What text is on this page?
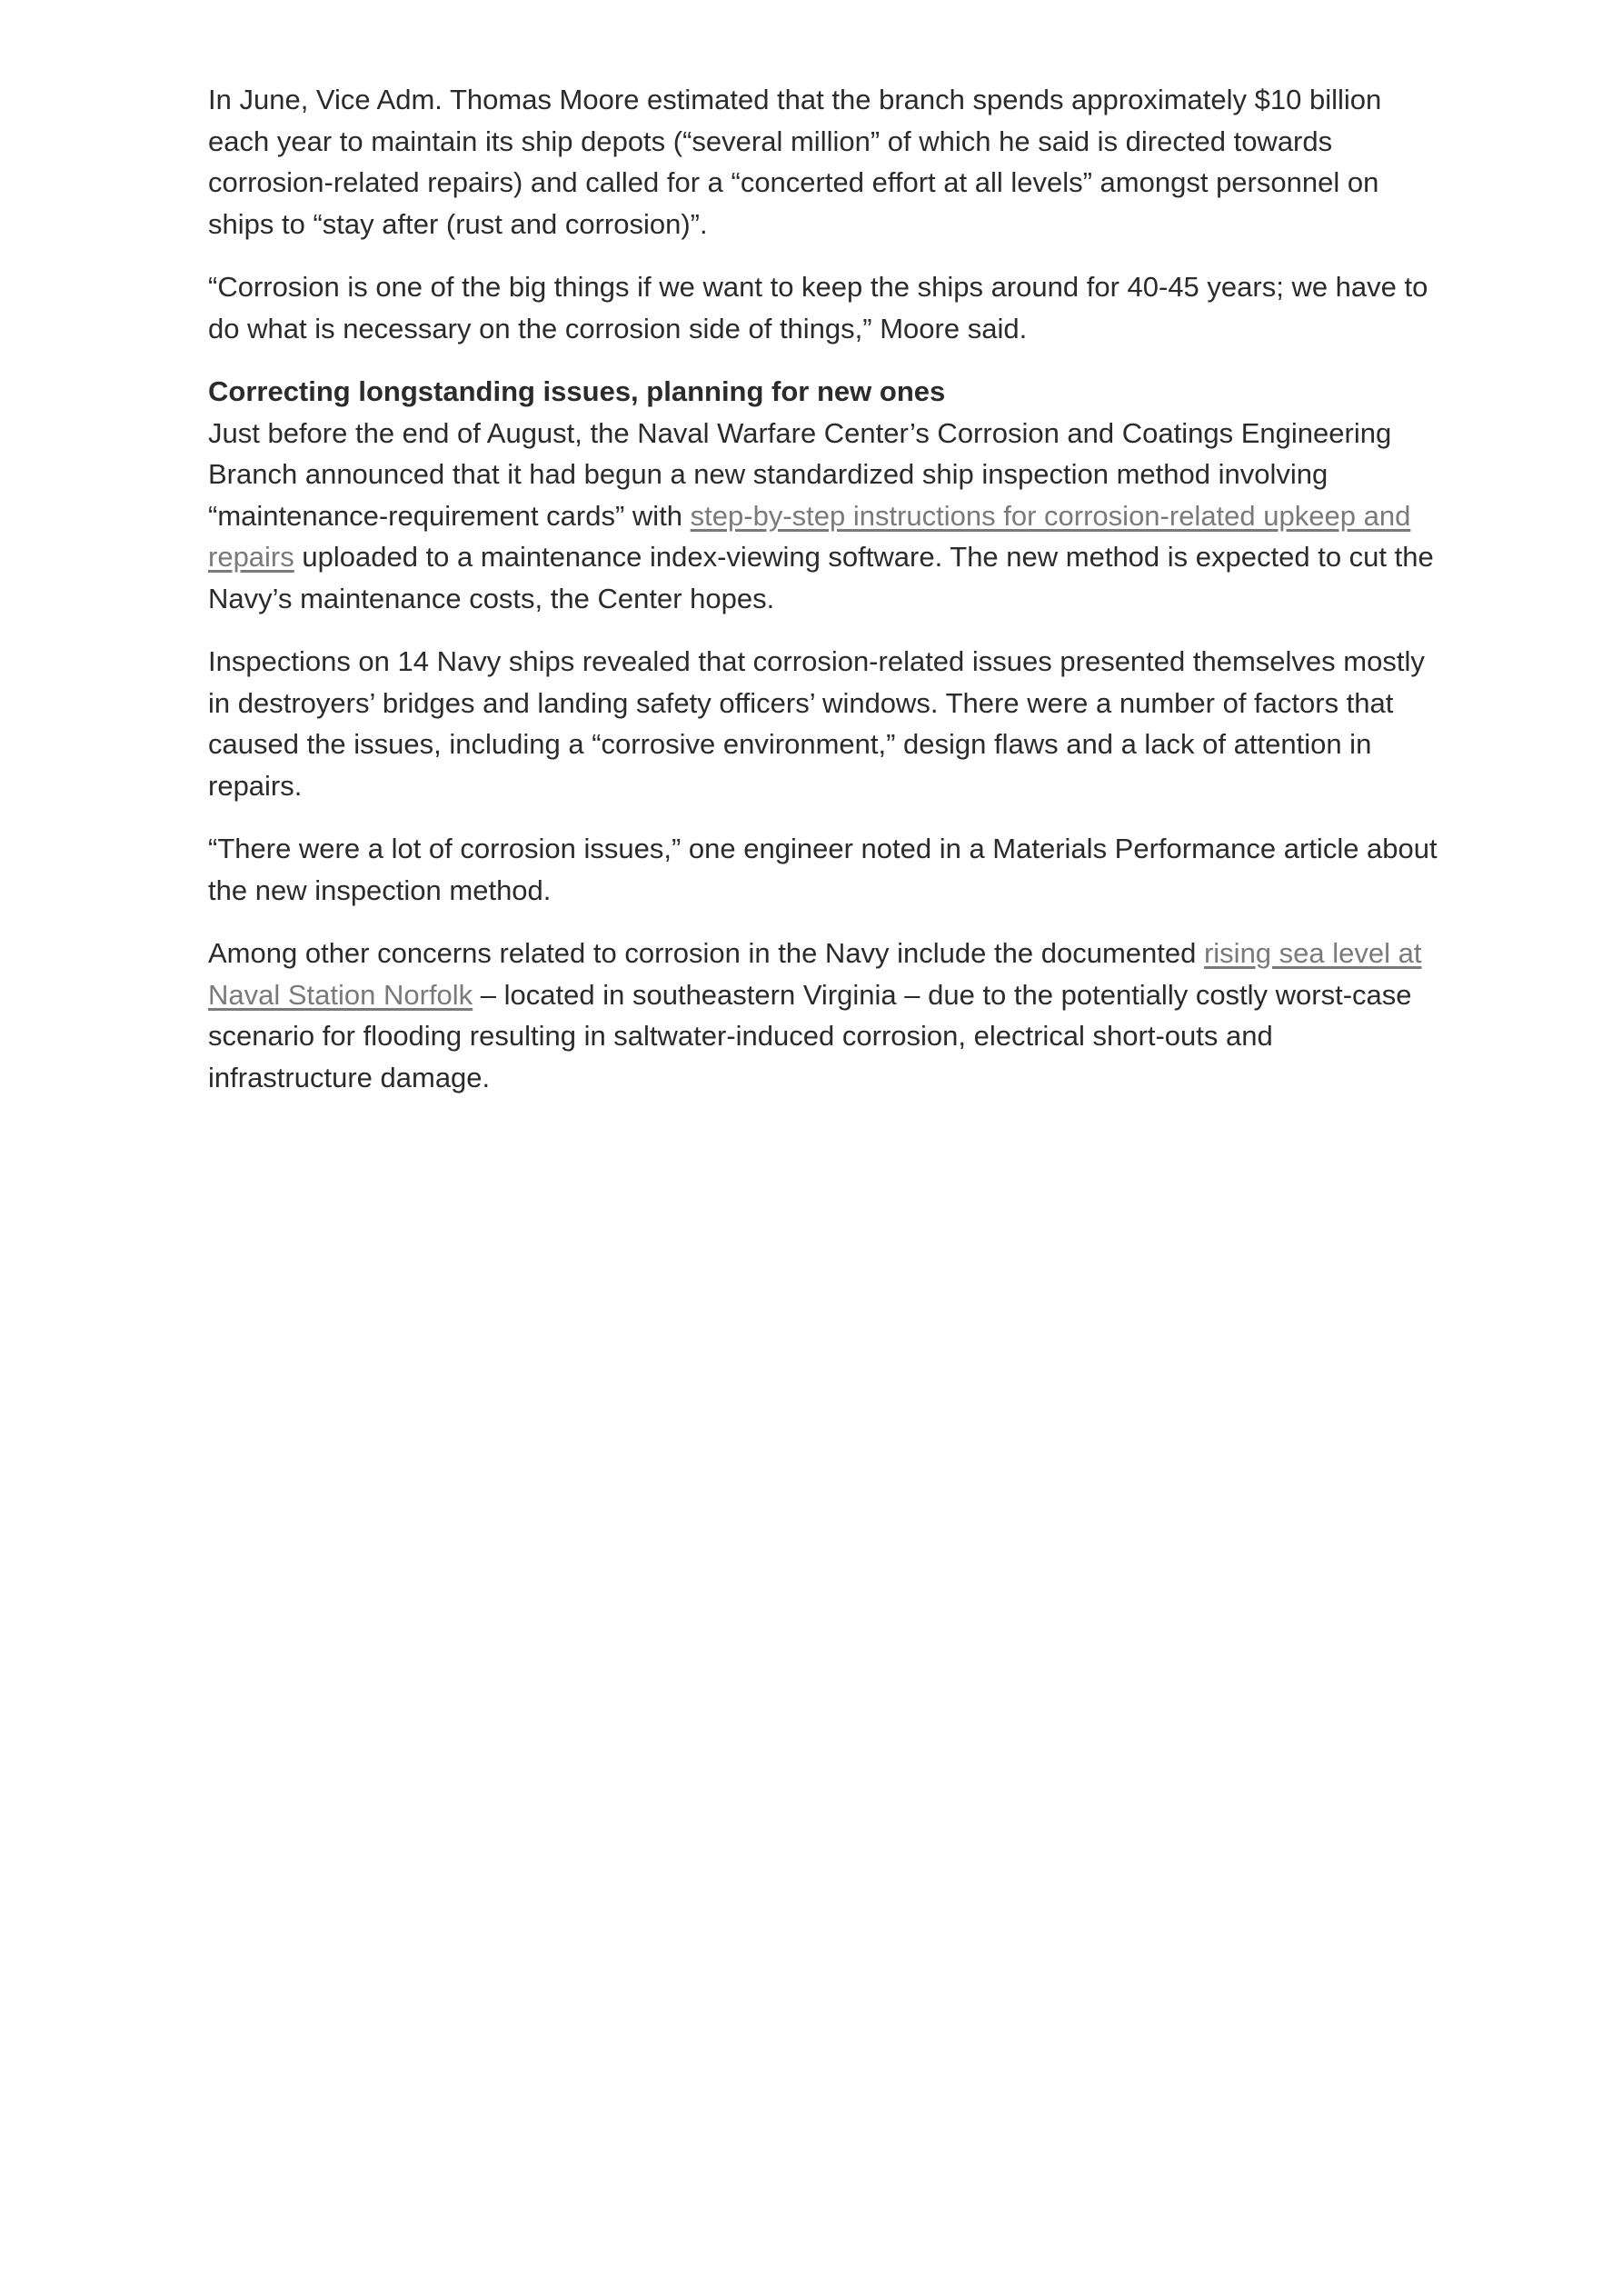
In June, Vice Adm. Thomas Moore estimated that the branch spends approximately $10 billion each year to maintain its ship depots (“several million” of which he said is directed towards corrosion-related repairs) and called for a “concerted effort at all levels” amongst personnel on ships to “stay after (rust and corrosion)”.

“Corrosion is one of the big things if we want to keep the ships around for 40-45 years; we have to do what is necessary on the corrosion side of things,” Moore said.

Correcting longstanding issues, planning for new ones
Just before the end of August, the Naval Warfare Center’s Corrosion and Coatings Engineering Branch announced that it had begun a new standardized ship inspection method involving “maintenance-requirement cards” with step-by-step instructions for corrosion-related upkeep and repairs uploaded to a maintenance index-viewing software. The new method is expected to cut the Navy’s maintenance costs, the Center hopes.

Inspections on 14 Navy ships revealed that corrosion-related issues presented themselves mostly in destroyers’ bridges and landing safety officers’ windows. There were a number of factors that caused the issues, including a “corrosive environment,” design flaws and a lack of attention in repairs.

“There were a lot of corrosion issues,” one engineer noted in a Materials Performance article about the new inspection method.

Among other concerns related to corrosion in the Navy include the documented rising sea level at Naval Station Norfolk – located in southeastern Virginia – due to the potentially costly worst-case scenario for flooding resulting in saltwater-induced corrosion, electrical short-outs and infrastructure damage.
